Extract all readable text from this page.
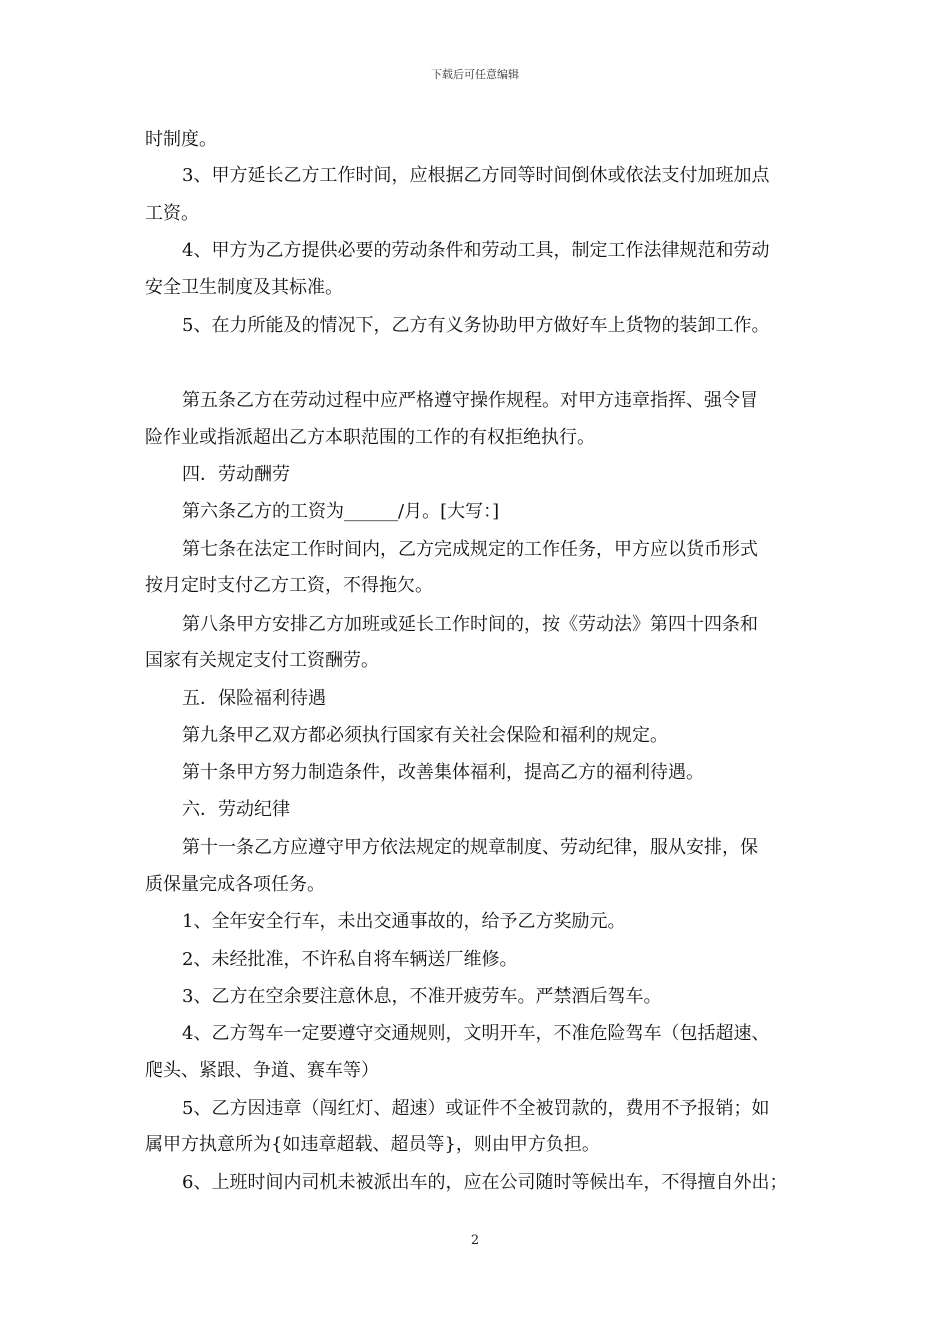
下载后可任意编辑
时制度。
3、甲方延长乙方工作时间，应根据乙方同等时间倒休或依法支付加班加点
工资。
4、甲方为乙方提供必要的劳动条件和劳动工具，制定工作法律规范和劳动
安全卫生制度及其标准。
5、在力所能及的情况下，乙方有义务协助甲方做好车上货物的装卸工作。
第五条乙方在劳动过程中应严格遵守操作规程。对甲方违章指挥、强令冒
险作业或指派超出乙方本职范围的工作的有权拒绝执行。
四．劳动酬劳
第六条乙方的工资为______/月。[大写：]
第七条在法定工作时间内，乙方完成规定的工作任务，甲方应以货币形式
按月定时支付乙方工资，不得拖欠。
第八条甲方安排乙方加班或延长工作时间的，按《劳动法》第四十四条和
国家有关规定支付工资酬劳。
五．保险福利待遇
第九条甲乙双方都必须执行国家有关社会保险和福利的规定。
第十条甲方努力制造条件，改善集体福利，提高乙方的福利待遇。
六．劳动纪律
第十一条乙方应遵守甲方依法规定的规章制度、劳动纪律，服从安排，保
质保量完成各项任务。
1、全年安全行车，未出交通事故的，给予乙方奖励元。
2、未经批准，不许私自将车辆送厂维修。
3、乙方在空余要注意休息，不准开疲劳车。严禁酒后驾车。
4、乙方驾车一定要遵守交通规则，文明开车，不准危险驾车（包括超速、
爬头、紧跟、争道、赛车等）
5、乙方因违章（闯红灯、超速）或证件不全被罚款的，费用不予报销；如
属甲方执意所为{如违章超载、超员等}，则由甲方负担。
6、上班时间内司机未被派出车的，应在公司随时等候出车，不得擅自外出；
2
